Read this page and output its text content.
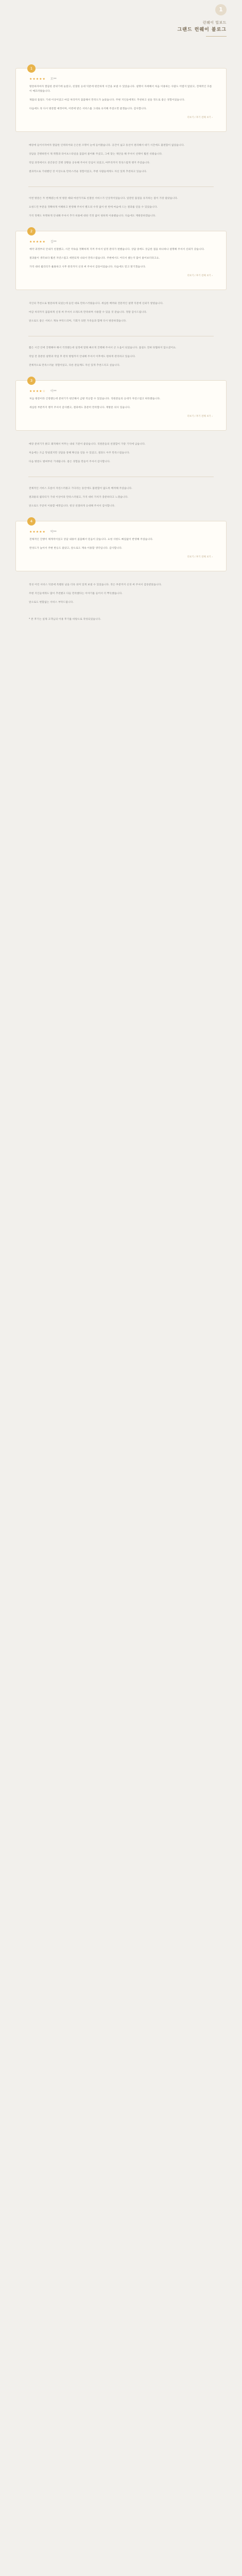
1
런웨이 빌보드
그랜드 런웨이 블로그
1
★★★★★ 모**

방문하자마자 깔끔한 분위기에 놀랐고, 친절한 응대 덕분에 편안하게 시간을 보낼 수 있었습니다. 설명이 자세해서 처음 이용하는 사람도 어렵지 않았고, 전체적인 흐름이 매끄러웠습니다.

제품의 품질도 기대 이상이었고 마감 처리까지 꼼꼼해서 만족도가 높았습니다. 주변 지인들에게도 추천하고 싶을 정도로 좋은 경험이었습니다.

다음에도 꼭 다시 방문할 예정이며, 이번에 받은 서비스를 그대로 유지해 주셨으면 좋겠습니다. 감사합니다.

더보기 / 후기 전체 보기 ›

매장에 들어서자마자 깔끔한 인테리어와 은은한 조명이 눈에 들어왔습니다. 공간이 넓고 동선이 편리해서 대기 시간에도 불편함이 없었습니다.

상담을 진행하면서 제 취향과 라이프스타일을 꼼꼼히 물어봐 주셨고, 그에 맞는 제안을 해 주셔서 선택이 훨씬 쉬웠습니다.

작업 과정에서도 중간중간 진행 상황을 공유해 주셔서 안심이 되었고, 마무리까지 정성스럽게 챙겨 주셨습니다.

결과적으로 기대했던 것 이상으로 만족스러운 경험이었고, 주변 사람들에게도 자신 있게 추천하고 있습니다.

이번 방문은 두 번째였는데 첫 방문 때와 마찬가지로 친절한 서비스가 인상적이었습니다. 일관된 품질을 유지하는 점이 가장 좋았습니다.

요청드린 부분을 정확하게 이해하고 반영해 주셔서 별도의 수정 없이 한 번에 마음에 드는 결과를 얻을 수 있었습니다.

가격 정책도 투명하게 안내해 주셔서 추가 비용에 대한 걱정 없이 편하게 이용했습니다. 다음에도 재방문하겠습니다.

2
★★★★★ 김**

예약 과정부터 안내가 친절했고, 시간 약속을 정확하게 지켜 주셔서 일정 관리가 편했습니다. 상담 중에도 궁금한 점을 하나하나 설명해 주셔서 신뢰가 갔습니다.

결과물이 생각보다 훨씬 자연스럽고 세련되게 나와서 만족스럽습니다. 주변에서도 어디서 했는지 많이 물어보더라고요.

가격 대비 퀄리티가 훌륭하고 사후 관리까지 신경 써 주셔서 감동이었습니다. 다음에도 믿고 맡기겠습니다.

더보기 / 후기 전체 보기 ›

지인의 추천으로 방문하게 되었는데 듣던 대로 만족스러웠습니다. 세심한 배려와 전문적인 설명 덕분에 신뢰가 쌓였습니다.

마감 처리까지 꼼꼼하게 신경 써 주셔서 오래도록 만족하며 사용할 수 있을 것 같습니다. 정말 감사드립니다.

앞으로도 좋은 서비스 계속 부탁드리며, 기회가 되면 가족들과 함께 다시 방문하겠습니다.

짧은 시간 안에 진행해야 해서 걱정했는데 일정에 맞춰 빠르게 진행해 주셔서 큰 도움이 되었습니다. 품질도 전혀 타협하지 않으셨어요.

작업 전 충분한 설명과 작업 후 관리 방법까지 안내해 주셔서 이후에도 편하게 관리하고 있습니다.

전체적으로 만족스러운 경험이었고, 다른 분들께도 자신 있게 추천드리고 싶습니다.

3
★★★★☆ 이**

처음 방문이라 긴장했는데 분위기가 편안해서 금방 적응할 수 있었습니다. 직원분들의 응대가 자연스럽고 따뜻했습니다.

세심한 부분까지 챙겨 주셔서 감사했고, 결과에도 충분히 만족합니다. 재방문 의사 있습니다.

더보기 / 후기 전체 보기 ›

매장 분위기가 밝고 쾌적해서 머무는 내내 기분이 좋았습니다. 직원분들의 친절함이 가장 기억에 남습니다.

처음에는 조금 망설였지만 상담을 통해 확신을 얻을 수 있었고, 결과도 아주 만족스럽습니다.

다음 방문도 벌써부터 기대됩니다. 좋은 경험을 만들어 주셔서 감사합니다.

전체적인 서비스 흐름이 자연스러웠고 기다리는 동안에도 불편함이 없도록 배려해 주셨습니다.

결과물의 퀄리티가 기대 이상이라 만족스러웠고, 가격 대비 가치가 충분하다고 느꼈습니다.

앞으로도 꾸준히 이용할 예정입니다. 항상 친절하게 응대해 주셔서 감사합니다.

4
★★★★★ 박**

전체적인 진행이 체계적이었고 상담 내용이 꼼꼼해서 믿음이 갔습니다. 요청 사항도 빠짐없이 반영해 주셨습니다.

완성도가 높아서 주변 반응도 좋았고, 앞으로도 계속 이용할 생각입니다. 감사합니다.

더보기 / 후기 전체 보기 ›

정성 어린 서비스 덕분에 특별한 날을 더욱 의미 있게 보낼 수 있었습니다. 작은 부분까지 신경 써 주셔서 감동받았습니다.

주변 지인들에게도 많이 추천했고 다들 만족했다는 이야기를 들어서 더 뿌듯했습니다.

앞으로도 변함없는 서비스 부탁드립니다.

* 본 후기는 실제 고객님의 이용 후기를 바탕으로 작성되었습니다.
